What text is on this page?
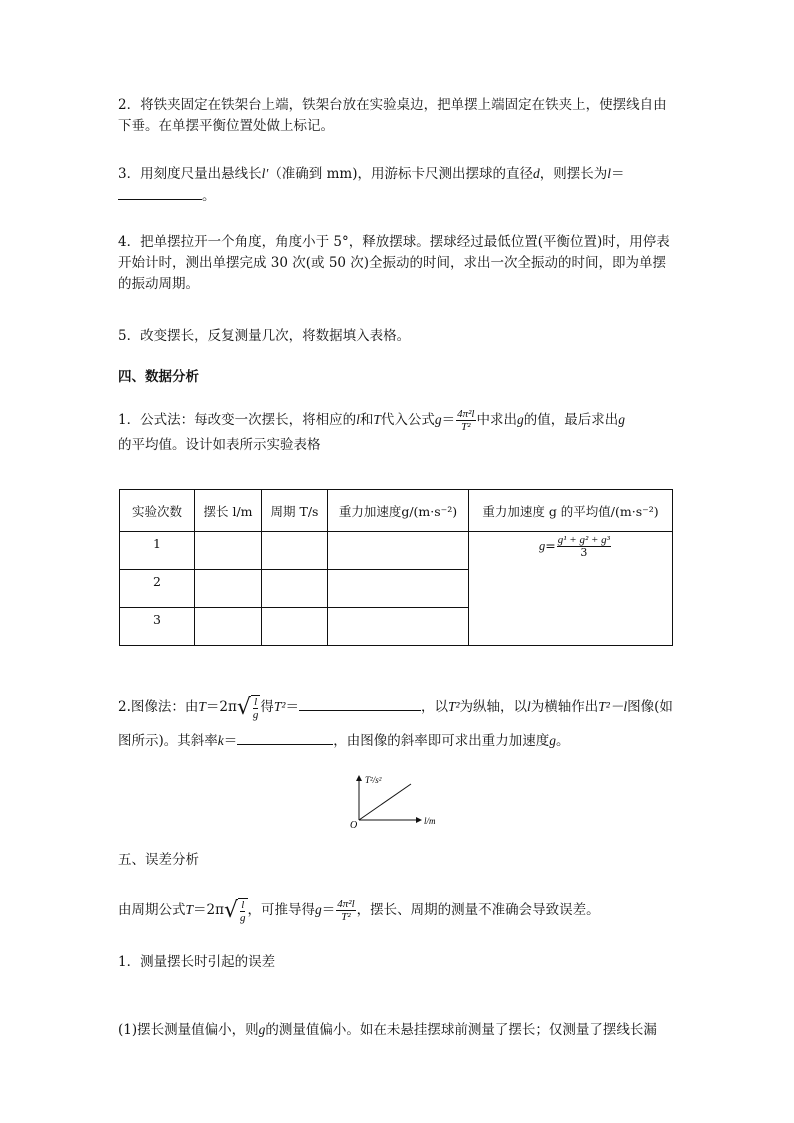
2．将铁夹固定在铁架台上端，铁架台放在实验桌边，把单摆上端固定在铁夹上，使摆线自由下垂。在单摆平衡位置处做上标记。
3．用刻度尺量出悬线长l′（准确到 mm)，用游标卡尺测出摆球的直径d，则摆长为l＝
。
4．把单摆拉开一个角度，角度小于 5°，释放摆球。摆球经过最低位置(平衡位置)时，用停表开始计时，测出单摆完成 30 次(或 50 次)全振动的时间，求出一次全振动的时间，即为单摆的振动周期。
5．改变摆长，反复测量几次，将数据填入表格。
四、数据分析
1．公式法：每改变一次摆长，将相应的l和T代入公式$g= \frac{\text{4π²l}}{\text{T²}}$ 中求出g的值，最后求出g
的平均值。设计如表所示实验表格
实验次数	摆长 l/m	周期 T/s	重力加速度g/(m·s⁻²)	重力加速度 g 的平均值/(m·s⁻²)
1				$g= \frac{\text{g¹ + g² + g³}}{3}$

2				
3				
2.图像法：由T＝2π √ $\frac{l}{g}$ 得T²＝	，以T²为纵轴，以l为横轴作出T²－l图像(如图所示)。其斜率k＝	，由图像的斜率即可求出重力加速度g。
T²/s²
l/m
O
五、误差分析
由周期公式T＝2π √ $\frac{l}{g}$ ，可推导得$g= \frac{\text{4π²l}}{\text{T²}}$ ，摆长、周期的测量不准确会导致误差。
1．测量摆长时引起的误差
(1)摆长测量值偏小，则g的测量值偏小。如在未悬挂摆球前测量了摆长；仅测量了摆线长漏
